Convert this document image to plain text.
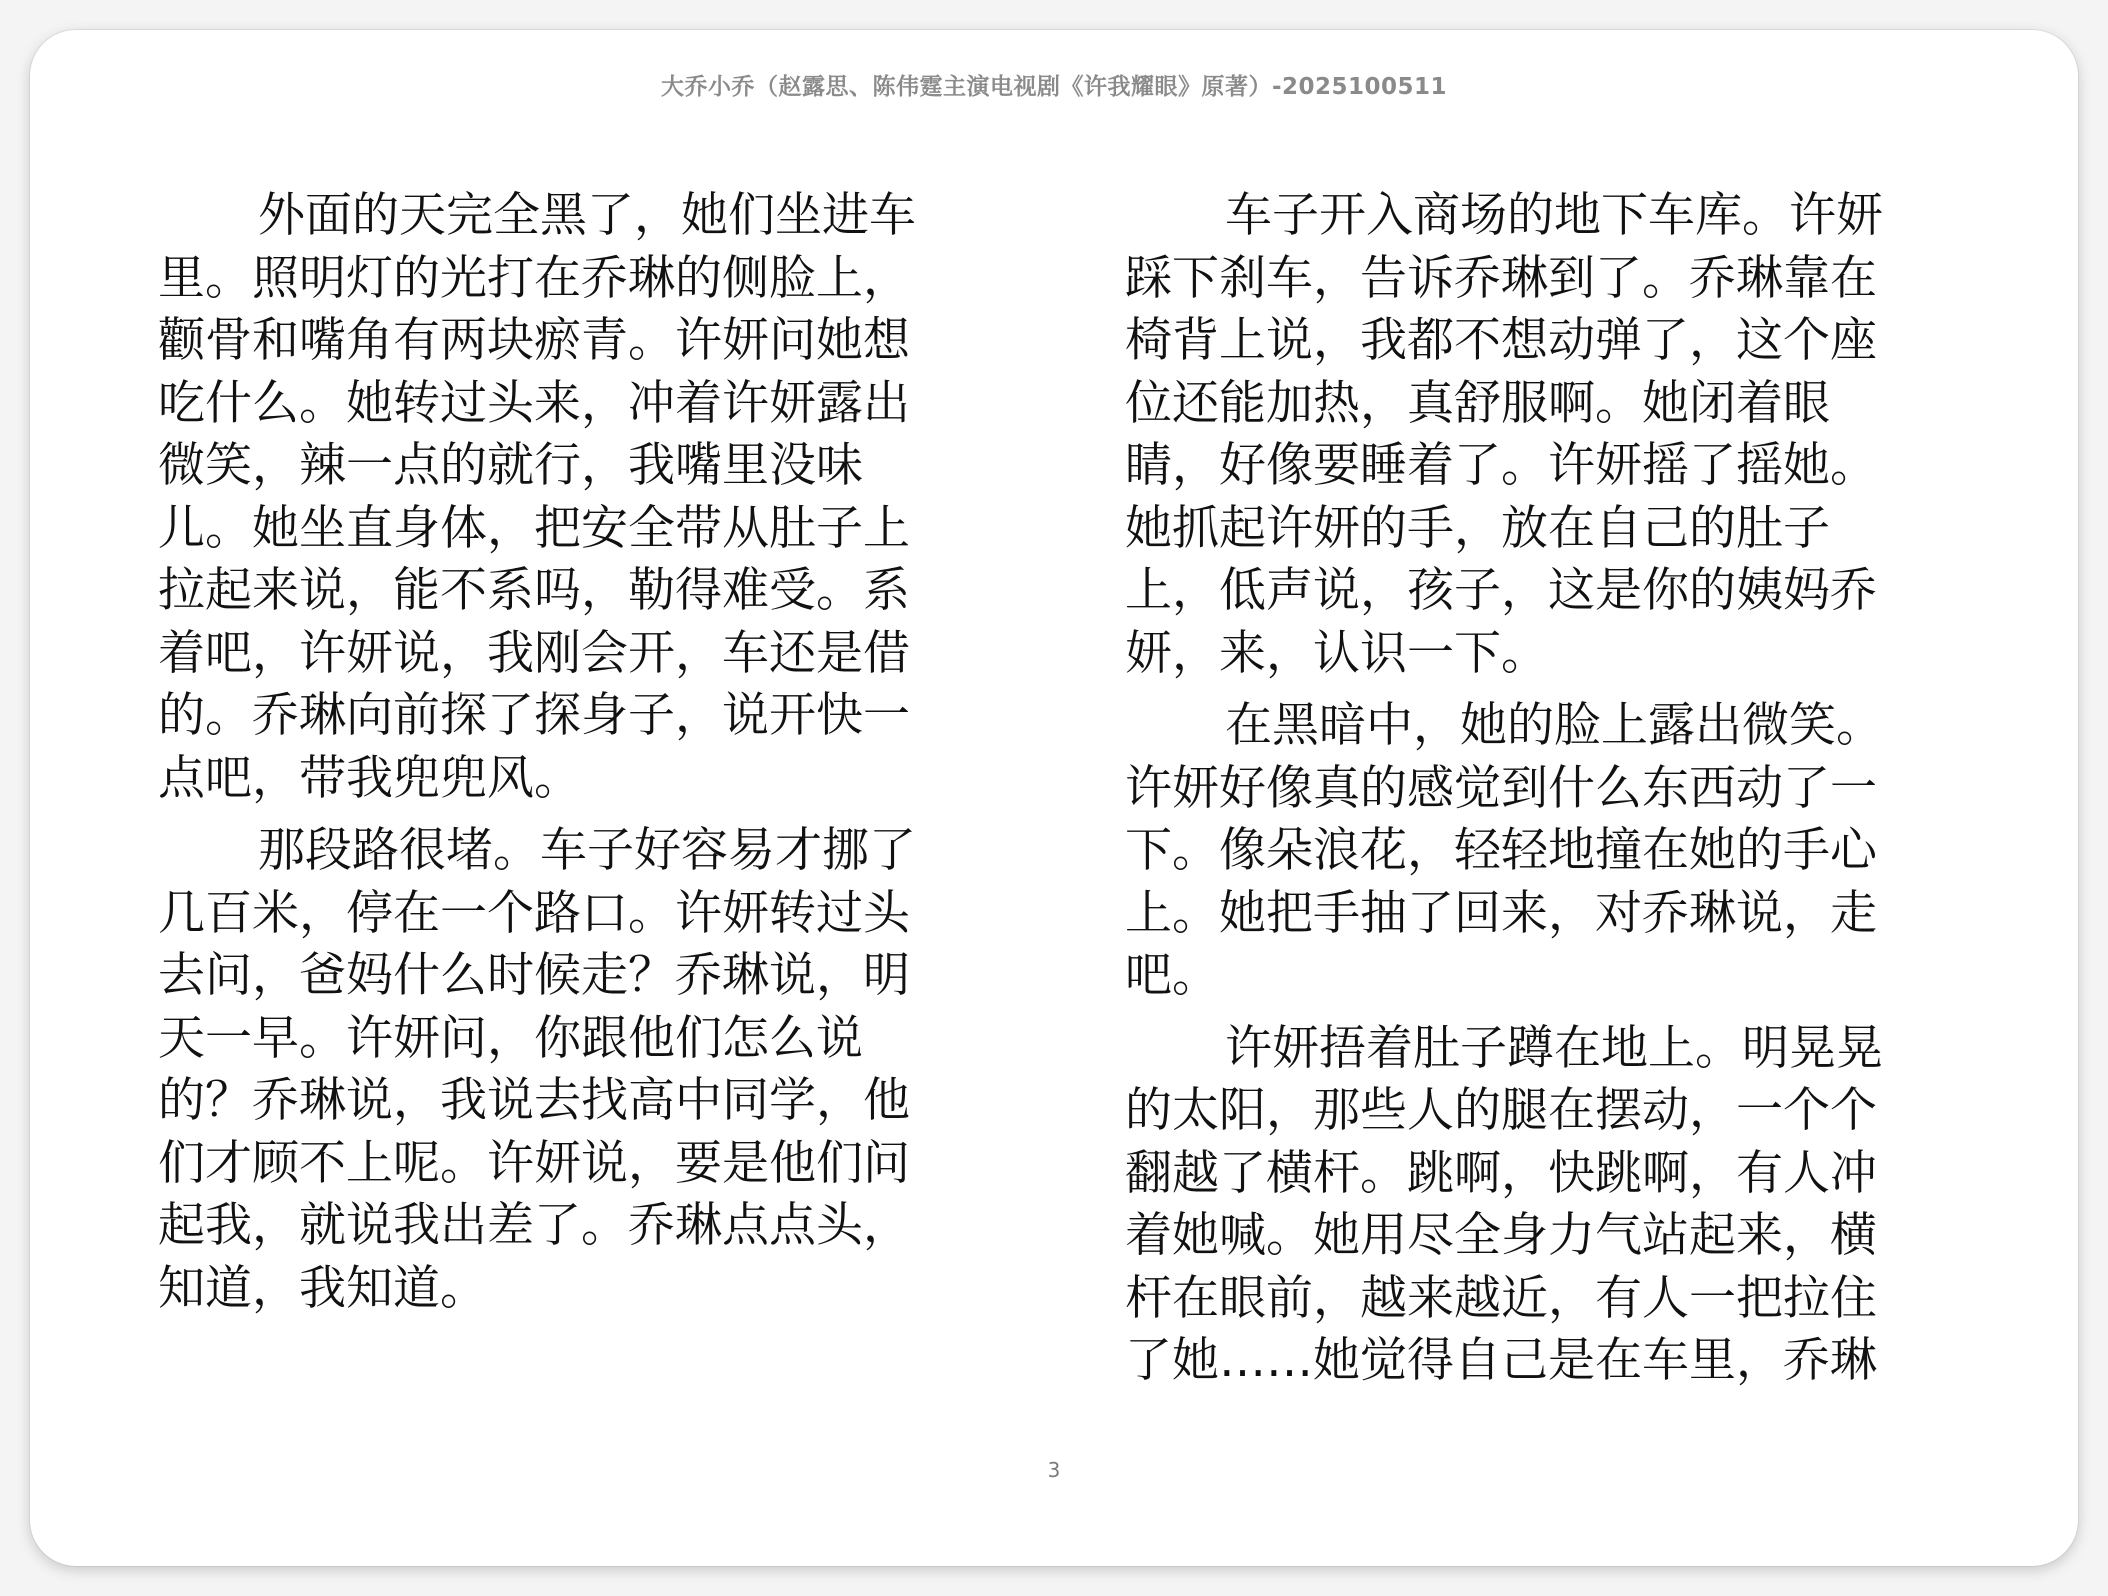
大乔小乔（赵露思、陈伟霆主演电视剧《许我耀眼》原著）-2025100511

外面的天完全黑了，她们坐进车
里。照明灯的光打在乔琳的侧脸上，
颧骨和嘴角有两块瘀青。许妍问她想
吃什么。她转过头来，冲着许妍露出
微笑，辣一点的就行，我嘴里没味
儿。她坐直身体，把安全带从肚子上
拉起来说，能不系吗，勒得难受。系
着吧，许妍说，我刚会开，车还是借
的。乔琳向前探了探身子，说开快一
点吧，带我兜兜风。

那段路很堵。车子好容易才挪了
几百米，停在一个路口。许妍转过头
去问，爸妈什么时候走？乔琳说，明
天一早。许妍问，你跟他们怎么说
的？乔琳说，我说去找高中同学，他
们才顾不上呢。许妍说，要是他们问
起我，就说我出差了。乔琳点点头，
知道，我知道。

车子开入商场的地下车库。许妍
踩下刹车，告诉乔琳到了。乔琳靠在
椅背上说，我都不想动弹了，这个座
位还能加热，真舒服啊。她闭着眼
睛，好像要睡着了。许妍摇了摇她。
她抓起许妍的手，放在自己的肚子
上，低声说，孩子，这是你的姨妈乔
妍，来，认识一下。

在黑暗中，她的脸上露出微笑。
许妍好像真的感觉到什么东西动了一
下。像朵浪花，轻轻地撞在她的手心
上。她把手抽了回来，对乔琳说，走
吧。

许妍捂着肚子蹲在地上。明晃晃
的太阳，那些人的腿在摆动，一个个
翻越了横杆。跳啊，快跳啊，有人冲
着她喊。她用尽全身力气站起来，横
杆在眼前，越来越近，有人一把拉住
了她……她觉得自己是在车里，乔琳

3
